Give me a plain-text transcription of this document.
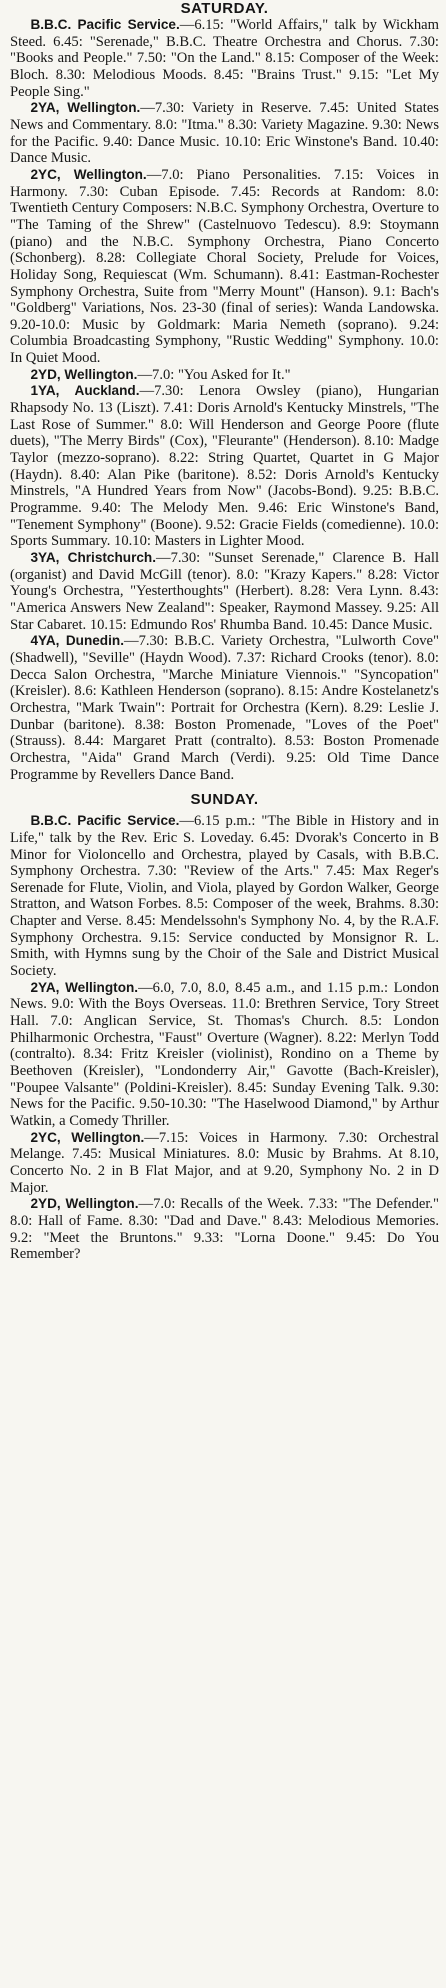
SATURDAY.

B.B.C. Pacific Service.—6.15: "World Affairs," talk by Wickham Steed. 6.45: "Serenade," B.B.C. Theatre Orchestra and Chorus. 7.30: "Books and People." 7.50: "On the Land." 8.15: Composer of the Week: Bloch. 8.30: Melodious Moods. 8.45: "Brains Trust." 9.15: "Let My People Sing."

2YA, Wellington.—7.30: Variety in Reserve. 7.45: United States News and Commentary. 8.0: "Itma." 8.30: Variety Magazine. 9.30: News for the Pacific. 9.40: Dance Music. 10.10: Eric Winstone's Band. 10.40: Dance Music.

2YC, Wellington.—7.0: Piano Personalities. 7.15: Voices in Harmony. 7.30: Cuban Episode. 7.45: Records at Random: 8.0: Twentieth Century Composers: N.B.C. Symphony Orchestra, Overture to "The Taming of the Shrew" (Castelnuovo Tedescu). 8.9: Stoymann (piano) and the N.B.C. Symphony Orchestra, Piano Concerto (Schonberg). 8.28: Collegiate Choral Society, Prelude for Voices, Holiday Song, Requiescat (Wm. Schumann). 8.41: Eastman-Rochester Symphony Orchestra, Suite from "Merry Mount" (Hanson). 9.1: Bach's "Goldberg" Variations, Nos. 23-30 (final of series): Wanda Landowska. 9.20-10.0: Music by Goldmark: Maria Nemeth (soprano). 9.24: Columbia Broadcasting Symphony, "Rustic Wedding" Symphony. 10.0: In Quiet Mood.

2YD, Wellington.—7.0: "You Asked for It."

1YA, Auckland.—7.30: Lenora Owsley (piano), Hungarian Rhapsody No. 13 (Liszt). 7.41: Doris Arnold's Kentucky Minstrels, "The Last Rose of Summer." 8.0: Will Henderson and George Poore (flute duets), "The Merry Birds" (Cox), "Fleurante" (Henderson). 8.10: Madge Taylor (mezzo-soprano). 8.22: String Quartet, Quartet in G Major (Haydn). 8.40: Alan Pike (baritone). 8.52: Doris Arnold's Kentucky Minstrels, "A Hundred Years from Now" (Jacobs-Bond). 9.25: B.B.C. Programme. 9.40: The Melody Men. 9.46: Eric Winstone's Band, "Tenement Symphony" (Boone). 9.52: Gracie Fields (comedienne). 10.0: Sports Summary. 10.10: Masters in Lighter Mood.

3YA, Christchurch.—7.30: "Sunset Serenade," Clarence B. Hall (organist) and David McGill (tenor). 8.0: "Krazy Kapers." 8.28: Victor Young's Orchestra, "Yesterthoughts" (Herbert). 8.28: Vera Lynn. 8.43: "America Answers New Zealand": Speaker, Raymond Massey. 9.25: All Star Cabaret. 10.15: Edmundo Ros' Rhumba Band. 10.45: Dance Music.

4YA, Dunedin.—7.30: B.B.C. Variety Orchestra, "Lulworth Cove" (Shadwell), "Seville" (Haydn Wood). 7.37: Richard Crooks (tenor). 8.0: Decca Salon Orchestra, "Marche Miniature Viennois." "Syncopation" (Kreisler). 8.6: Kathleen Henderson (soprano). 8.15: Andre Kostelanetz's Orchestra, "Mark Twain": Portrait for Orchestra (Kern). 8.29: Leslie J. Dunbar (baritone). 8.38: Boston Promenade, "Loves of the Poet" (Strauss). 8.44: Margaret Pratt (contralto). 8.53: Boston Promenade Orchestra, "Aida" Grand March (Verdi). 9.25: Old Time Dance Programme by Revellers Dance Band.

SUNDAY.

B.B.C. Pacific Service.—6.15 p.m.: "The Bible in History and in Life," talk by the Rev. Eric S. Loveday. 6.45: Dvorak's Concerto in B Minor for Violoncello and Orchestra, played by Casals, with B.B.C. Symphony Orchestra. 7.30: "Review of the Arts." 7.45: Max Reger's Serenade for Flute, Violin, and Viola, played by Gordon Walker, George Stratton, and Watson Forbes. 8.5: Composer of the week, Brahms. 8.30: Chapter and Verse. 8.45: Mendelssohn's Symphony No. 4, by the R.A.F. Symphony Orchestra. 9.15: Service conducted by Monsignor R. L. Smith, with Hymns sung by the Choir of the Sale and District Musical Society.

2YA, Wellington.—6.0, 7.0, 8.0, 8.45 a.m., and 1.15 p.m.: London News. 9.0: With the Boys Overseas. 11.0: Brethren Service, Tory Street Hall. 7.0: Anglican Service, St. Thomas's Church. 8.5: London Philharmonic Orchestra, "Faust" Overture (Wagner). 8.22: Merlyn Todd (contralto). 8.34: Fritz Kreisler (violinist), Rondino on a Theme by Beethoven (Kreisler), "Londonderry Air," Gavotte (Bach-Kreisler), "Poupee Valsante" (Poldini-Kreisler). 8.45: Sunday Evening Talk. 9.30: News for the Pacific. 9.50-10.30: "The Haselwood Diamond," by Arthur Watkin, a Comedy Thriller.

2YC, Wellington.—7.15: Voices in Harmony. 7.30: Orchestral Melange. 7.45: Musical Miniatures. 8.0: Music by Brahms. At 8.10, Concerto No. 2 in B Flat Major, and at 9.20, Symphony No. 2 in D Major.

2YD, Wellington.—7.0: Recalls of the Week. 7.33: "The Defender." 8.0: Hall of Fame. 8.30: "Dad and Dave." 8.43: Melodious Memories. 9.2: "Meet the Bruntons." 9.33: "Lorna Doone." 9.45: Do You Remember?
